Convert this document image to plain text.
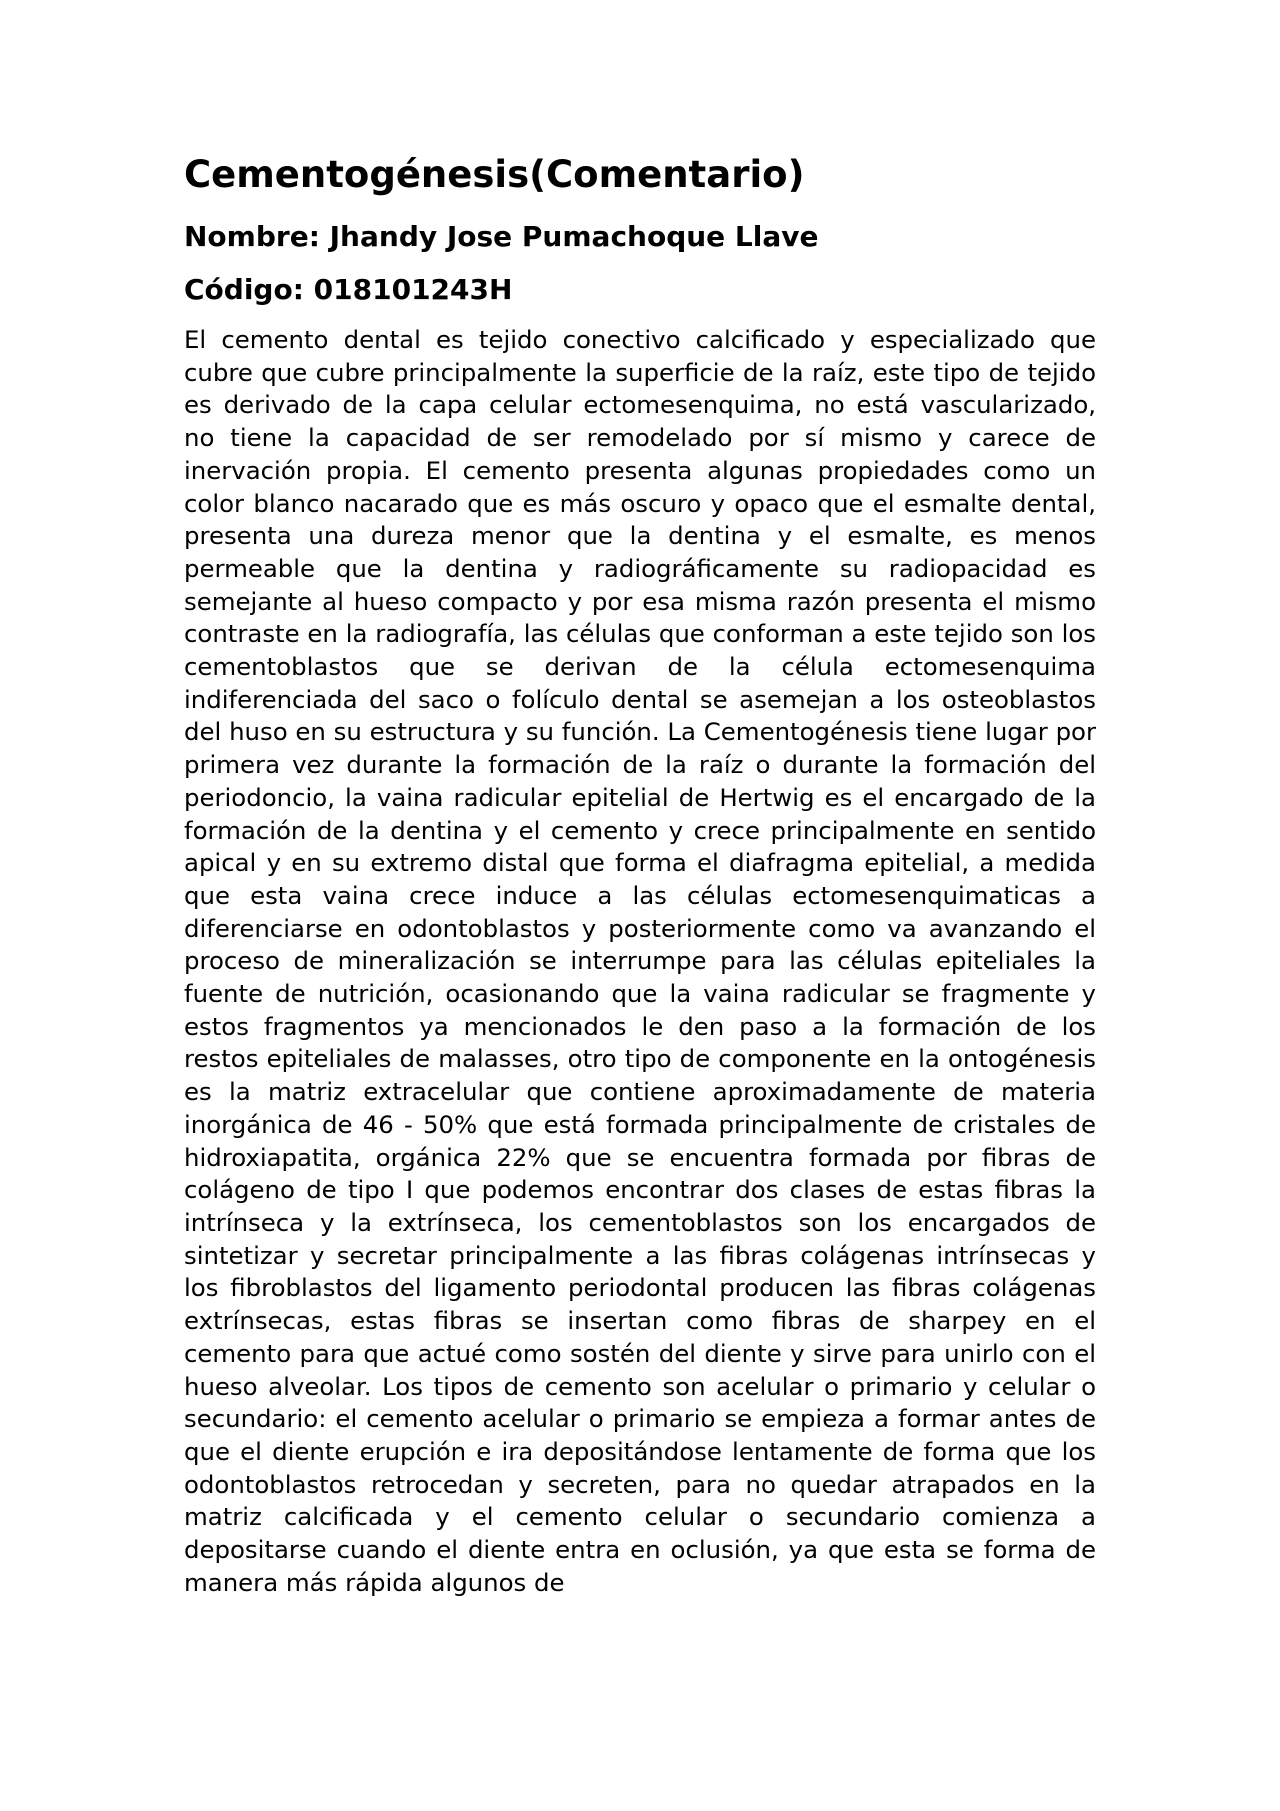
Cementogénesis(Comentario)
Nombre: Jhandy Jose Pumachoque Llave
Código: 018101243H

El cemento dental es tejido conectivo calcificado y especializado que cubre que cubre principalmente la superficie de la raíz, este tipo de tejido es derivado de la capa celular ectomesenquima, no está vascularizado, no tiene la capacidad de ser remodelado por sí mismo y carece de inervación propia. El cemento presenta algunas propiedades como un color blanco nacarado que es más oscuro y opaco que el esmalte dental, presenta una dureza menor que la dentina y el esmalte, es menos permeable que la dentina y radiográficamente su radiopacidad es semejante al hueso compacto y por esa misma razón presenta el mismo contraste en la radiografía, las células que conforman a este tejido son los cementoblastos que se derivan de la célula ectomesenquima indiferenciada del saco o folículo dental se asemejan a los osteoblastos del huso en su estructura y su función. La Cementogénesis tiene lugar por primera vez durante la formación de la raíz o durante la formación del periodoncio, la vaina radicular epitelial de Hertwig es el encargado de la formación de la dentina y el cemento y crece principalmente en sentido apical y en su extremo distal que forma el diafragma epitelial, a medida que esta vaina crece induce a las células ectomesenquimaticas a diferenciarse en odontoblastos y posteriormente como va avanzando el proceso de mineralización se interrumpe para las células epiteliales la fuente de nutrición, ocasionando que la vaina radicular se fragmente y estos fragmentos ya mencionados le den paso a la formación de los restos epiteliales de malasses, otro tipo de componente en la ontogénesis es la matriz extracelular que contiene aproximadamente de materia inorgánica de 46 - 50% que está formada principalmente de cristales de hidroxiapatita, orgánica 22% que se encuentra formada por fibras de colágeno de tipo I que podemos encontrar dos clases de estas fibras la intrínseca y la extrínseca, los cementoblastos son los encargados de sintetizar y secretar principalmente a las fibras colágenas intrínsecas y los fibroblastos del ligamento periodontal producen las fibras colágenas extrínsecas, estas fibras se insertan como fibras de sharpey en el cemento para que actué como sostén del diente y sirve para unirlo con el hueso alveolar. Los tipos de cemento son acelular o primario y celular o secundario: el cemento acelular o primario se empieza a formar antes de que el diente erupción e ira depositándose lentamente de forma que los odontoblastos retrocedan y secreten, para no quedar atrapados en la matriz calcificada y el cemento celular o secundario comienza a depositarse cuando el diente entra en oclusión, ya que esta se forma de manera más rápida algunos de
